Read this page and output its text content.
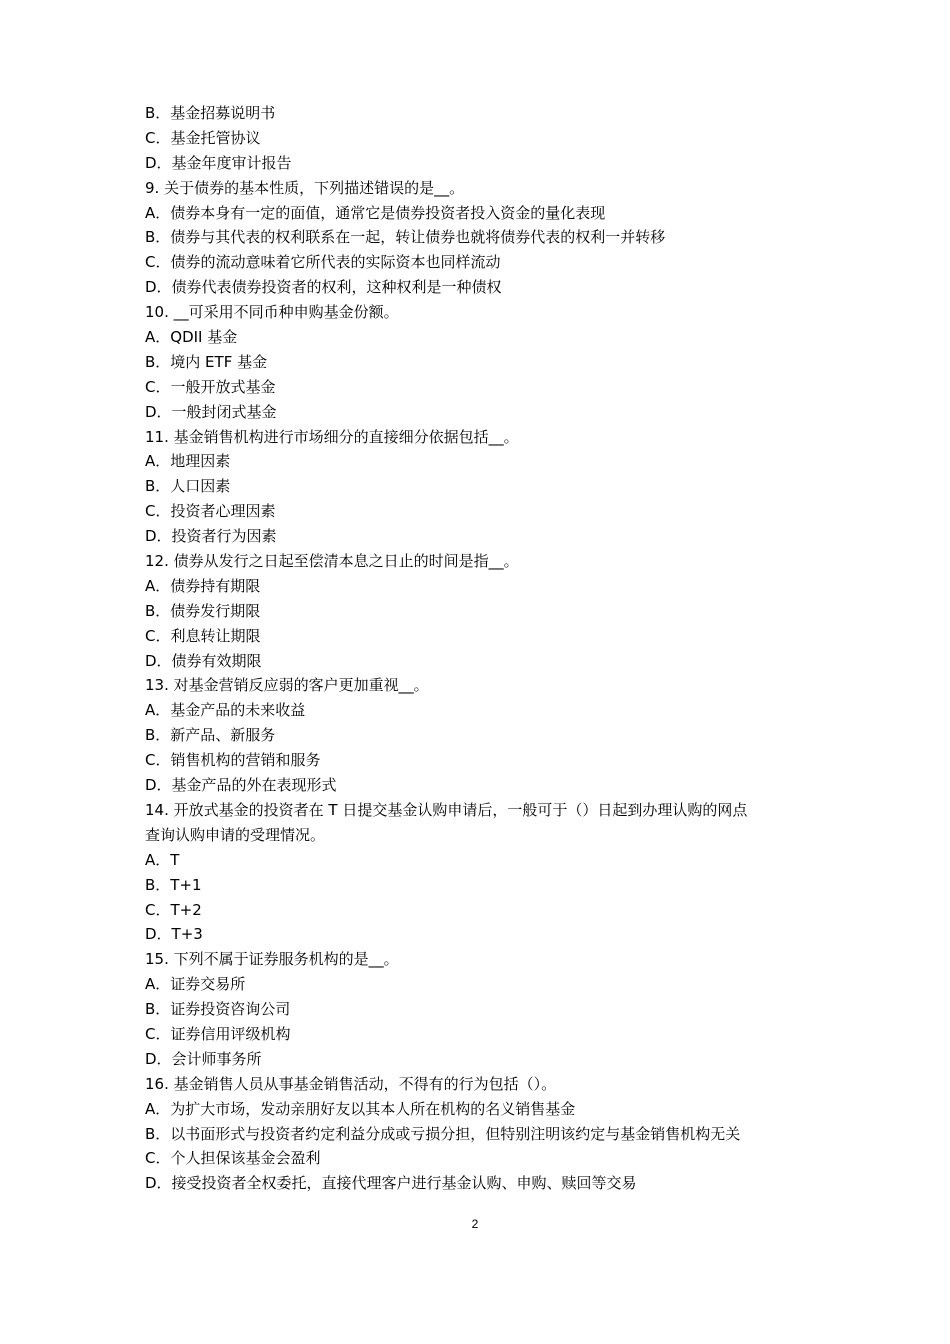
B．基金招募说明书
C．基金托管协议
D．基金年度审计报告
9. 关于债券的基本性质，下列描述错误的是__。
A．债券本身有一定的面值，通常它是债券投资者投入资金的量化表现
B．债券与其代表的权利联系在一起，转让债券也就将债券代表的权利一并转移
C．债券的流动意味着它所代表的实际资本也同样流动
D．债券代表债券投资者的权利，这种权利是一种债权
10. __可采用不同币种申购基金份额。
A．QDII 基金
B．境内 ETF 基金
C．一般开放式基金
D．一般封闭式基金
11. 基金销售机构进行市场细分的直接细分依据包括__。
A．地理因素
B．人口因素
C．投资者心理因素
D．投资者行为因素
12. 债券从发行之日起至偿清本息之日止的时间是指__。
A．债券持有期限
B．债券发行期限
C．利息转让期限
D．债券有效期限
13. 对基金营销反应弱的客户更加重视__。
A．基金产品的未来收益
B．新产品、新服务
C．销售机构的营销和服务
D．基金产品的外在表现形式
14. 开放式基金的投资者在 T 日提交基金认购申请后，一般可于（）日起到办理认购的网点
查询认购申请的受理情况。
A．T
B．T+1
C．T+2
D．T+3
15. 下列不属于证券服务机构的是__。
A．证券交易所
B．证券投资咨询公司
C．证券信用评级机构
D．会计师事务所
16. 基金销售人员从事基金销售活动，不得有的行为包括（）。
A．为扩大市场，发动亲朋好友以其本人所在机构的名义销售基金
B．以书面形式与投资者约定利益分成或亏损分担，但特别注明该约定与基金销售机构无关
C．个人担保该基金会盈利
D．接受投资者全权委托，直接代理客户进行基金认购、申购、赎回等交易
2
